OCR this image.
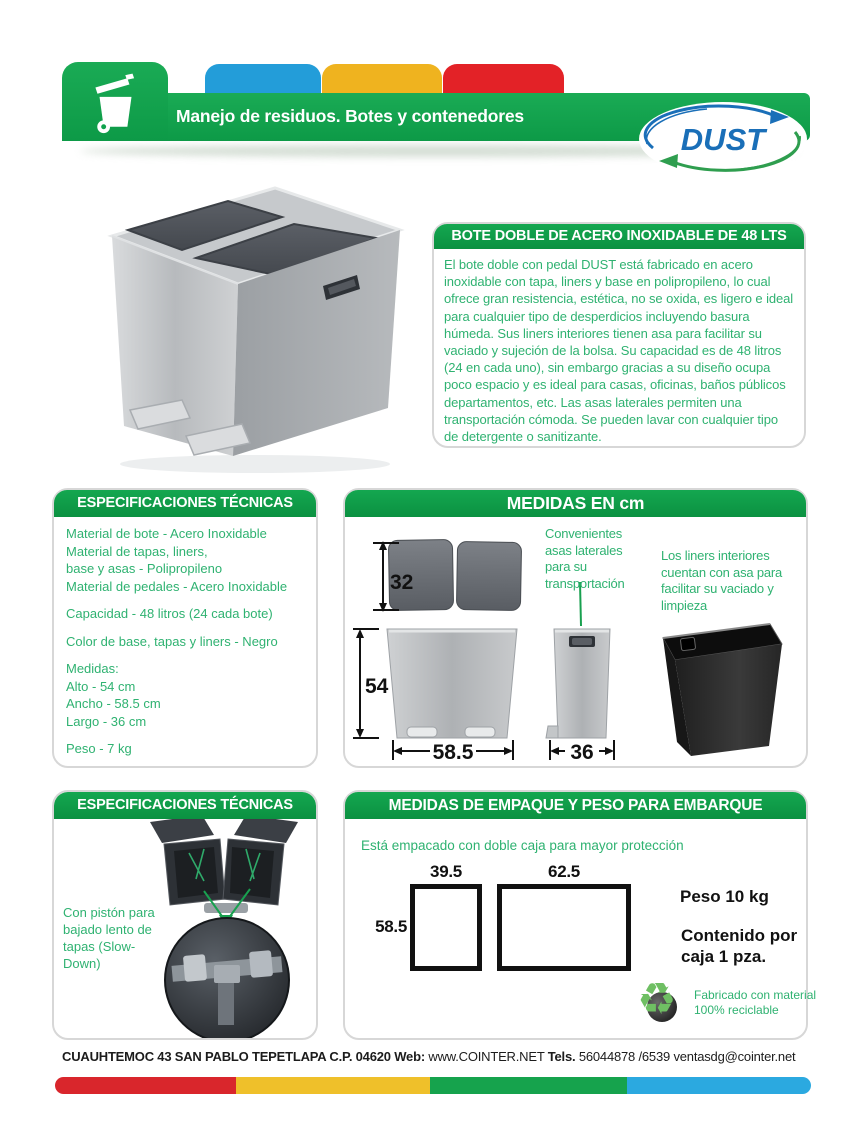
Manejo de residuos. Botes y contenedores
DUST
BOTE DOBLE DE ACERO INOXIDABLE DE 48 LTS
El bote doble con pedal DUST está fabricado en acero inoxidable con tapa, liners y base en polipropileno, lo cual ofrece gran resistencia, estética, no se oxida, es ligero e ideal para cualquier tipo de desperdicios incluyendo basura húmeda. Sus liners interiores tienen asa para facilitar su vaciado y sujeción de la bolsa. Su capacidad es de 48 litros (24 en cada uno), sin embargo gracias a su diseño ocupa poco espacio y es ideal para casas, oficinas, baños públicos departamentos, etc. Las asas laterales permiten una transportación cómoda. Se pueden lavar con cualquier tipo de detergente o sanitizante.
ESPECIFICACIONES TÉCNICAS
Material de bote - Acero Inoxidable
Material de tapas, liners,
base y asas - Polipropileno
Material de pedales - Acero Inoxidable
Capacidad - 48 litros (24 cada bote)
Color de base, tapas y liners - Negro
Medidas:
Alto - 54 cm
Ancho - 58.5 cm
Largo - 36 cm
Peso - 7 kg
32
54
58.5	36
MEDIDAS EN cm
Convenientes asas laterales para su transportación
Los liners interiores cuentan con asa para facilitar su vaciado y limpieza
ESPECIFICACIONES TÉCNICAS
Con pistón para bajado lento de tapas (Slow-Down)
MEDIDAS DE EMPAQUE Y PESO PARA EMBARQUE
Está empacado con doble caja para mayor protección
39.5
58.5
62.5
Peso 10 kg
Contenido por caja 1 pza.
♻ Fabricado con material 100% reciclable
CUAUHTEMOC 43 SAN PABLO TEPETLAPA C.P. 04620 Web: www.COINTER.NET Tels. 56044878 /6539 ventasdg@cointer.net
